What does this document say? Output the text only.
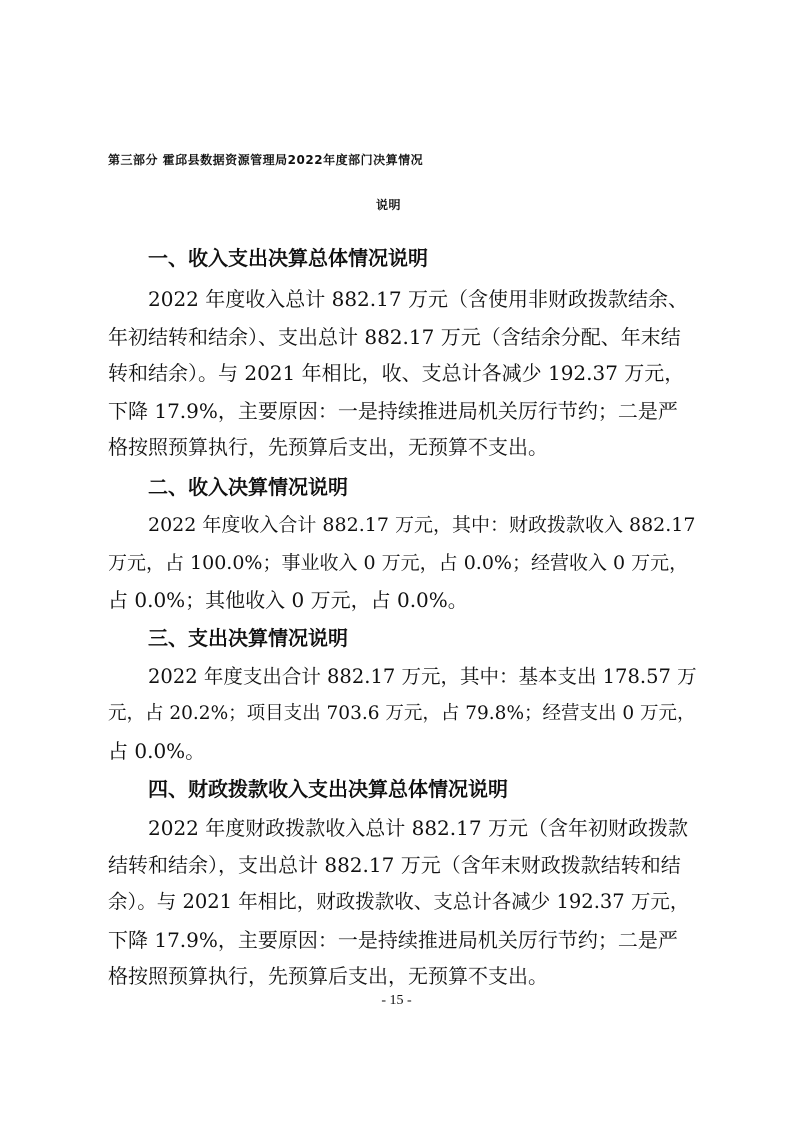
第三部分 霍邱县数据资源管理局2022年度部门决算情况
说明
一、收入支出决算总体情况说明
2022 年度收入总计 882.17 万元（含使用非财政拨款结余、
年初结转和结余）、支出总计 882.17 万元（含结余分配、年末结
转和结余）。与 2021 年相比，收、支总计各减少 192.37 万元，
下降 17.9%，主要原因：一是持续推进局机关厉行节约；二是严
格按照预算执行，先预算后支出，无预算不支出。
二、收入决算情况说明
2022 年度收入合计 882.17 万元，其中：财政拨款收入 882.17
万元，占 100.0%；事业收入 0 万元，占 0.0%；经营收入 0 万元，
占 0.0%；其他收入 0 万元，占 0.0%。
三、支出决算情况说明
2022 年度支出合计 882.17 万元，其中：基本支出 178.57 万
元，占 20.2%；项目支出 703.6 万元，占 79.8%；经营支出 0 万元，
占 0.0%。
四、财政拨款收入支出决算总体情况说明
2022 年度财政拨款收入总计 882.17 万元（含年初财政拨款
结转和结余），支出总计 882.17 万元（含年末财政拨款结转和结
余）。与 2021 年相比，财政拨款收、支总计各减少 192.37 万元，
下降 17.9%，主要原因：一是持续推进局机关厉行节约；二是严
格按照预算执行，先预算后支出，无预算不支出。
- 15 -
